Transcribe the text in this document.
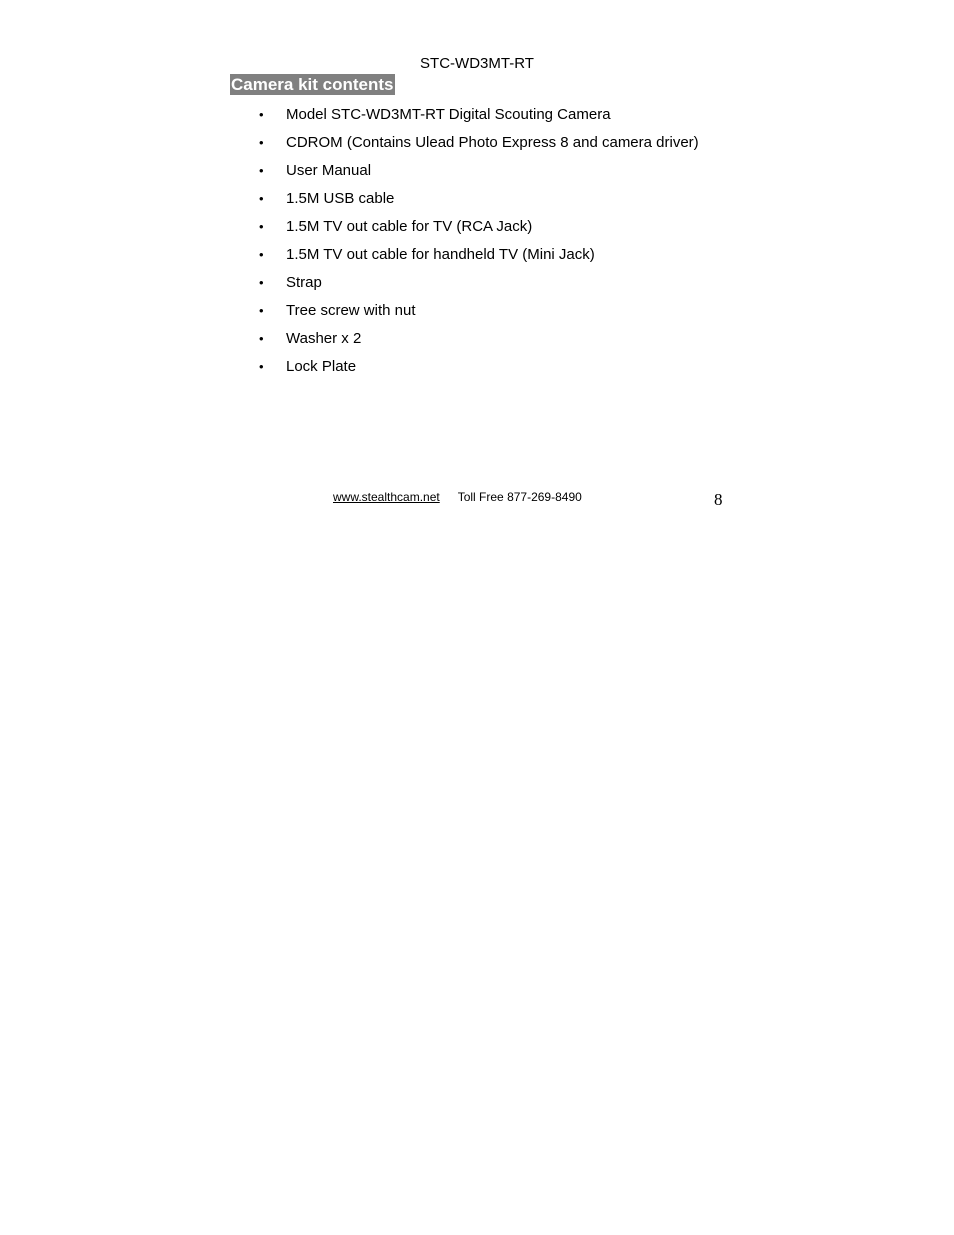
STC-WD3MT-RT
Camera kit contents
• Model STC-WD3MT-RT Digital Scouting Camera
• CDROM (Contains Ulead Photo Express 8 and camera driver)
• User Manual
• 1.5M USB cable
• 1.5M TV out cable for TV (RCA Jack)
• 1.5M TV out cable for handheld TV (Mini Jack)
• Strap
• Tree screw with nut
• Washer x 2
• Lock Plate
www.stealthcam.net Toll Free 877-269-8490	8
